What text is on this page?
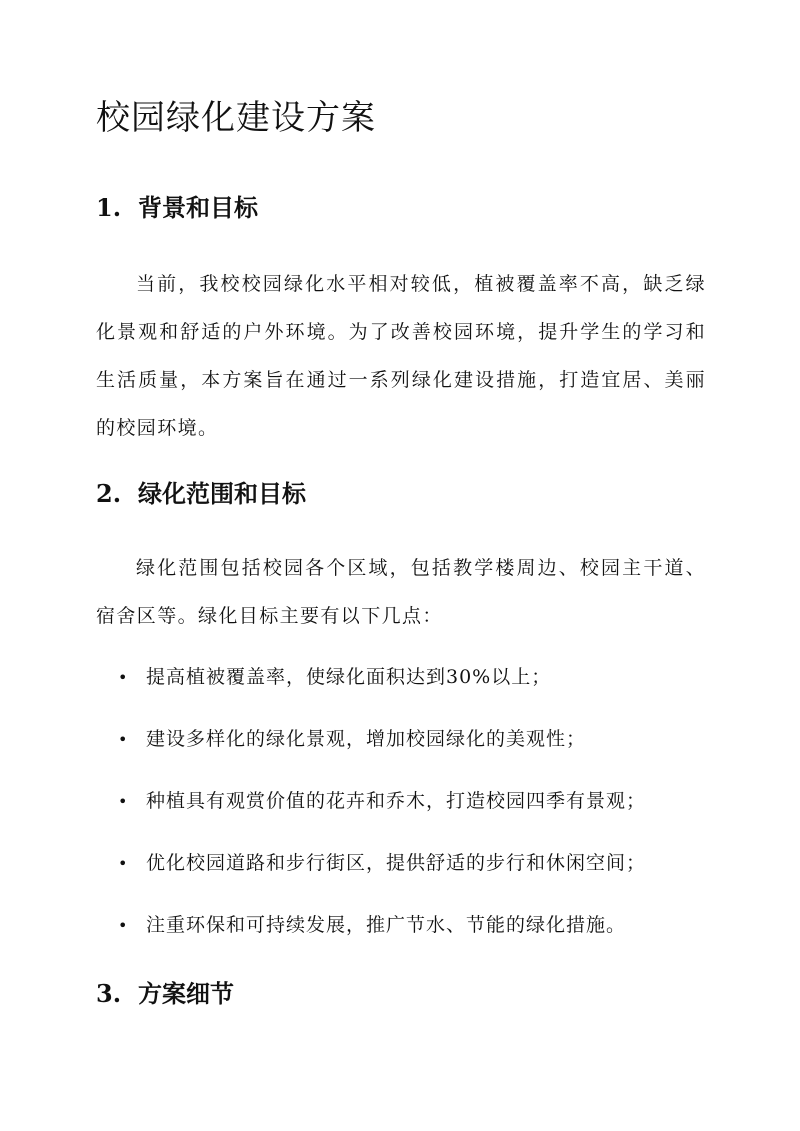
校园绿化建设方案
1. 背景和目标

当前，我校校园绿化水平相对较低，植被覆盖率不高，缺乏绿化景观和舒适的户外环境。为了改善校园环境，提升学生的学习和生活质量，本方案旨在通过一系列绿化建设措施，打造宜居、美丽的校园环境。

2. 绿化范围和目标

绿化范围包括校园各个区域，包括教学楼周边、校园主干道、宿舍区等。绿化目标主要有以下几点：

• 提高植被覆盖率，使绿化面积达到30%以上；
• 建设多样化的绿化景观，增加校园绿化的美观性；
• 种植具有观赏价值的花卉和乔木，打造校园四季有景观；
• 优化校园道路和步行街区，提供舒适的步行和休闲空间；
• 注重环保和可持续发展，推广节水、节能的绿化措施。
3. 方案细节
